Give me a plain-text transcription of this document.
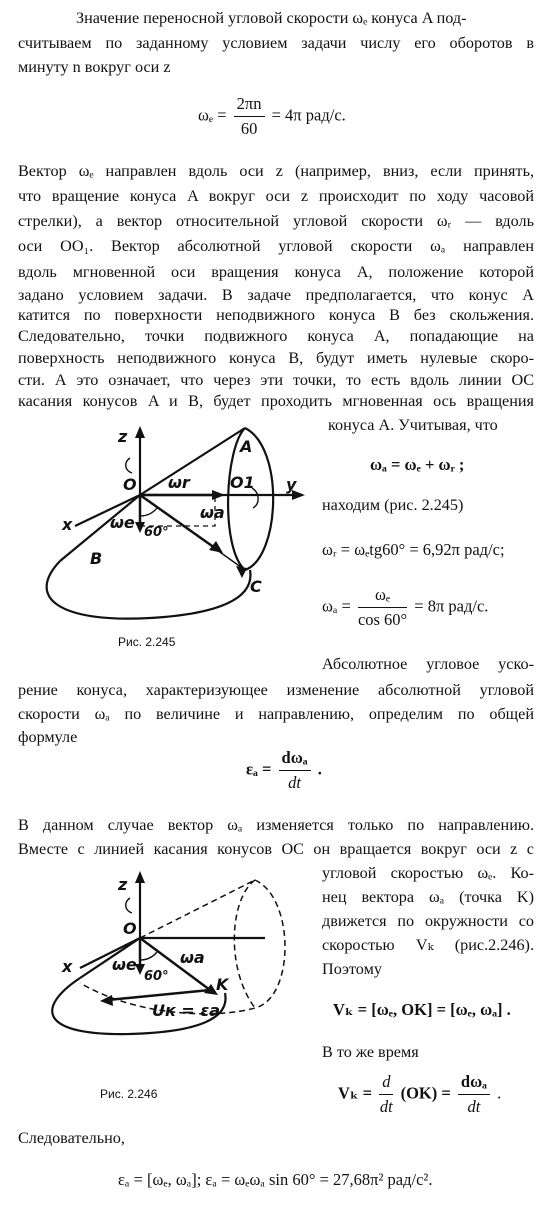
Значение переносной угловой скорости ωₑ конуса A под-
считываем по заданному условием задачи числу его оборотов в
минуту n вокруг оси z
$\omega_e = \frac{2\pi n}{60} = 4\pi$ рад/с.
Вектор ωₑ направлен вдоль оси z (например, вниз, если принять,
что вращение конуса A вокруг оси z происходит по ходу часовой
стрелки), а вектор относительной угловой скорости ωᵣ — вдоль
оси OO₁. Вектор абсолютной угловой скорости ωₐ направлен
вдоль мгновенной оси вращения конуса A, положение которой
задано условием задачи. В задаче предполагается, что конус A
катится по поверхности неподвижного конуса B без скольжения.
Следовательно, точки подвижного конуса A, попадающие на
поверхность неподвижного конуса B, будут иметь нулевые скоро-
сти. А это означает, что через эти точки, то есть вдоль линии OC
касания конусов A и B, будет проходить мгновенная ось вращения
конуса A. Учитывая, что
ωₐ = ωₑ + ωᵣ ;
находим (рис. 2.245)
ωᵣ = ωₑtg60° = 6,92π рад/с;
$\omega_a = \frac{\text{ωₑ}}{\cos 60^\circ} = 8\pi$ рад/с.
z
O ωr	O1
A
y
x ωe
ωa
60°
B
C
Рис. 2.245
Абсолютное угловое уско-
рение конуса, характеризующее изменение абсолютной угловой
скорости ωₐ по величине и направлению, определим по общей
формуле
$\varepsilon_a = \frac{\text{dωₐ}}{dt}$ .
В данном случае вектор ωₐ изменяется только по направлению.
Вместе с линией касания конусов OC он вращается вокруг оси z с
угловой скоростью ωₑ. Ко-
нец вектора ωₐ (точка K)
движется по окружности со
скоростью Vₖ (рис.2.246).
Поэтому
Vₖ = [ωₑ, OK] = [ωₑ, ωₐ] .
В то же время
$V_k = \frac{d}{dt} (OK) = \frac{\text{dωₐ}}{dt}$ .
z
O
x ωe	ωa
60°	K
Uк = εa
Рис. 2.246
Следовательно,
εₐ = [ωₑ, ωₐ]; εₐ = ωₑωₐ sin 60° = 27,68π² рад/с².
